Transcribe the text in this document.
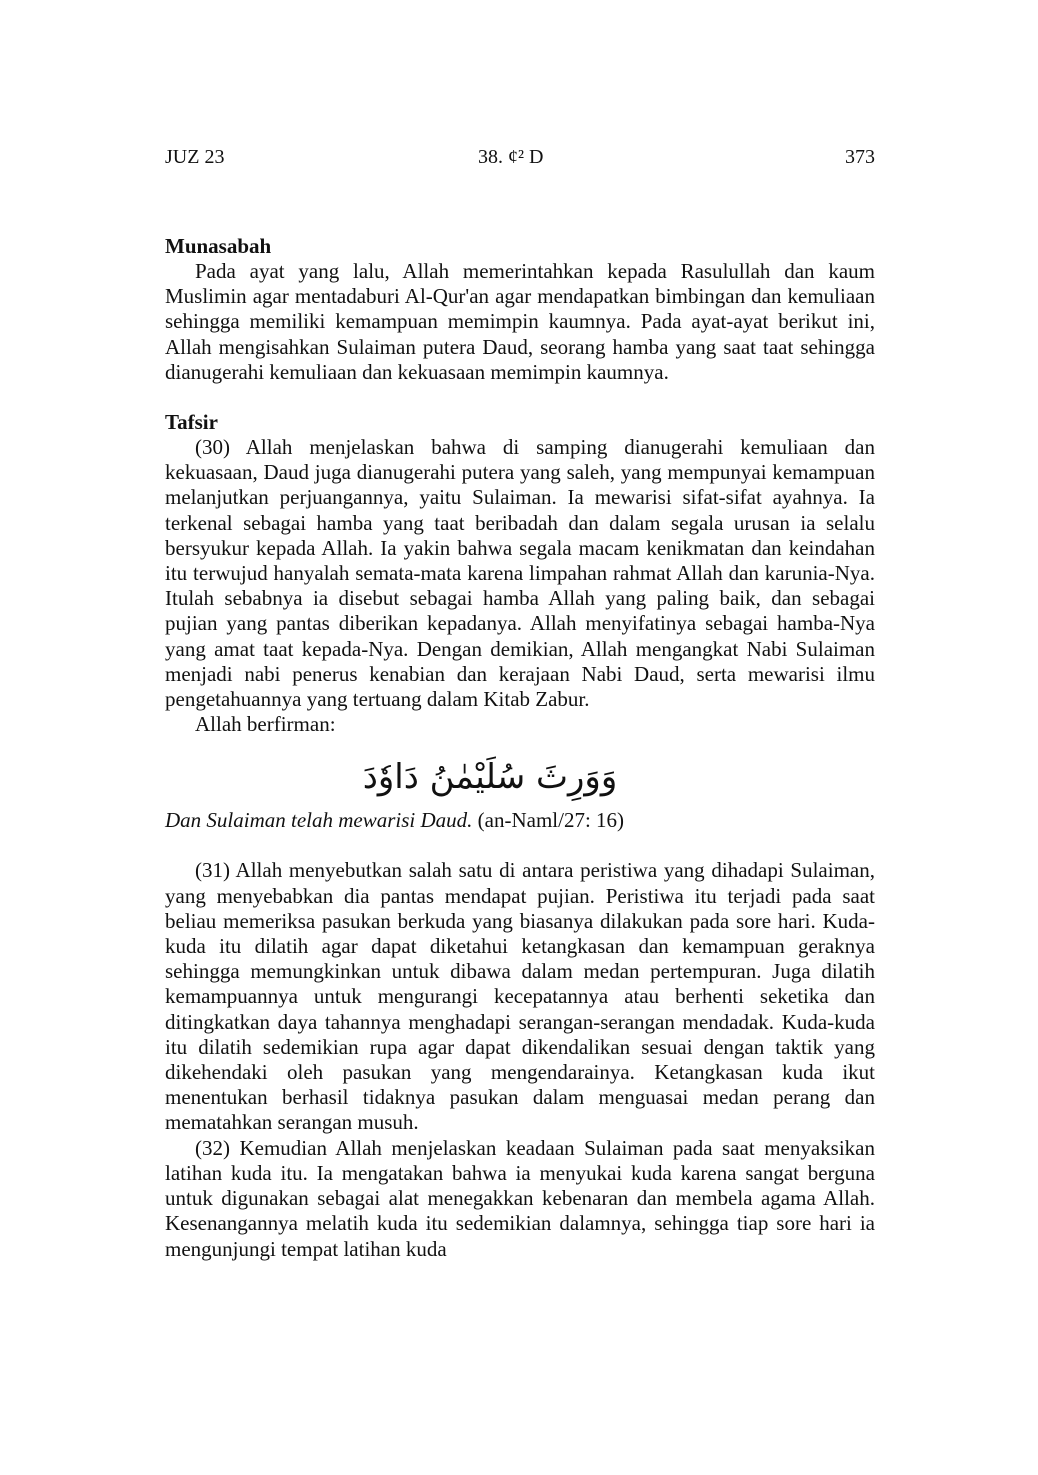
JUZ 23	38. ¢² D	373
Munasabah

Pada ayat yang lalu, Allah memerintahkan kepada Rasulullah dan kaum Muslimin agar mentadaburi Al-Qur'an agar mendapatkan bimbingan dan kemuliaan sehingga memiliki kemampuan memimpin kaumnya. Pada ayat-ayat berikut ini, Allah mengisahkan Sulaiman putera Daud, seorang hamba yang saat taat sehingga dianugerahi kemuliaan dan kekuasaan memimpin kaumnya.

Tafsir

(30) Allah menjelaskan bahwa di samping dianugerahi kemuliaan dan kekuasaan, Daud juga dianugerahi putera yang saleh, yang mempunyai kemampuan melanjutkan perjuangannya, yaitu Sulaiman. Ia mewarisi sifat-sifat ayahnya. Ia terkenal sebagai hamba yang taat beribadah dan dalam segala urusan ia selalu bersyukur kepada Allah. Ia yakin bahwa segala macam kenikmatan dan keindahan itu terwujud hanyalah semata-mata karena limpahan rahmat Allah dan karunia-Nya. Itulah sebabnya ia disebut sebagai hamba Allah yang paling baik, dan sebagai pujian yang pantas diberikan kepadanya. Allah menyifatinya sebagai hamba-Nya yang amat taat kepada-Nya. Dengan demikian, Allah mengangkat Nabi Sulaiman menjadi nabi penerus kenabian dan kerajaan Nabi Daud, serta mewarisi ilmu pengetahuannya yang tertuang dalam Kitab Zabur.

Allah berfirman:

وَوَرِثَ سُلَيْمٰنُ دَاوٗدَ
Dan Sulaiman telah mewarisi Daud. (an-Naml/27: 16)

(31) Allah menyebutkan salah satu di antara peristiwa yang dihadapi Sulaiman, yang menyebabkan dia pantas mendapat pujian. Peristiwa itu terjadi pada saat beliau memeriksa pasukan berkuda yang biasanya dilakukan pada sore hari. Kuda-kuda itu dilatih agar dapat diketahui ketangkasan dan kemampuan geraknya sehingga memungkinkan untuk dibawa dalam medan pertempuran. Juga dilatih kemampuannya untuk mengurangi kecepatannya atau berhenti seketika dan ditingkatkan daya tahannya menghadapi serangan-serangan mendadak. Kuda-kuda itu dilatih sedemikian rupa agar dapat dikendalikan sesuai dengan taktik yang dikehendaki oleh pasukan yang mengendarainya. Ketangkasan kuda ikut menentukan berhasil tidaknya pasukan dalam menguasai medan perang dan mematahkan serangan musuh.

(32) Kemudian Allah menjelaskan keadaan Sulaiman pada saat menyaksikan latihan kuda itu. Ia mengatakan bahwa ia menyukai kuda karena sangat berguna untuk digunakan sebagai alat menegakkan kebenaran dan membela agama Allah. Kesenangannya melatih kuda itu sedemikian dalamnya, sehingga tiap sore hari ia mengunjungi tempat latihan kuda
